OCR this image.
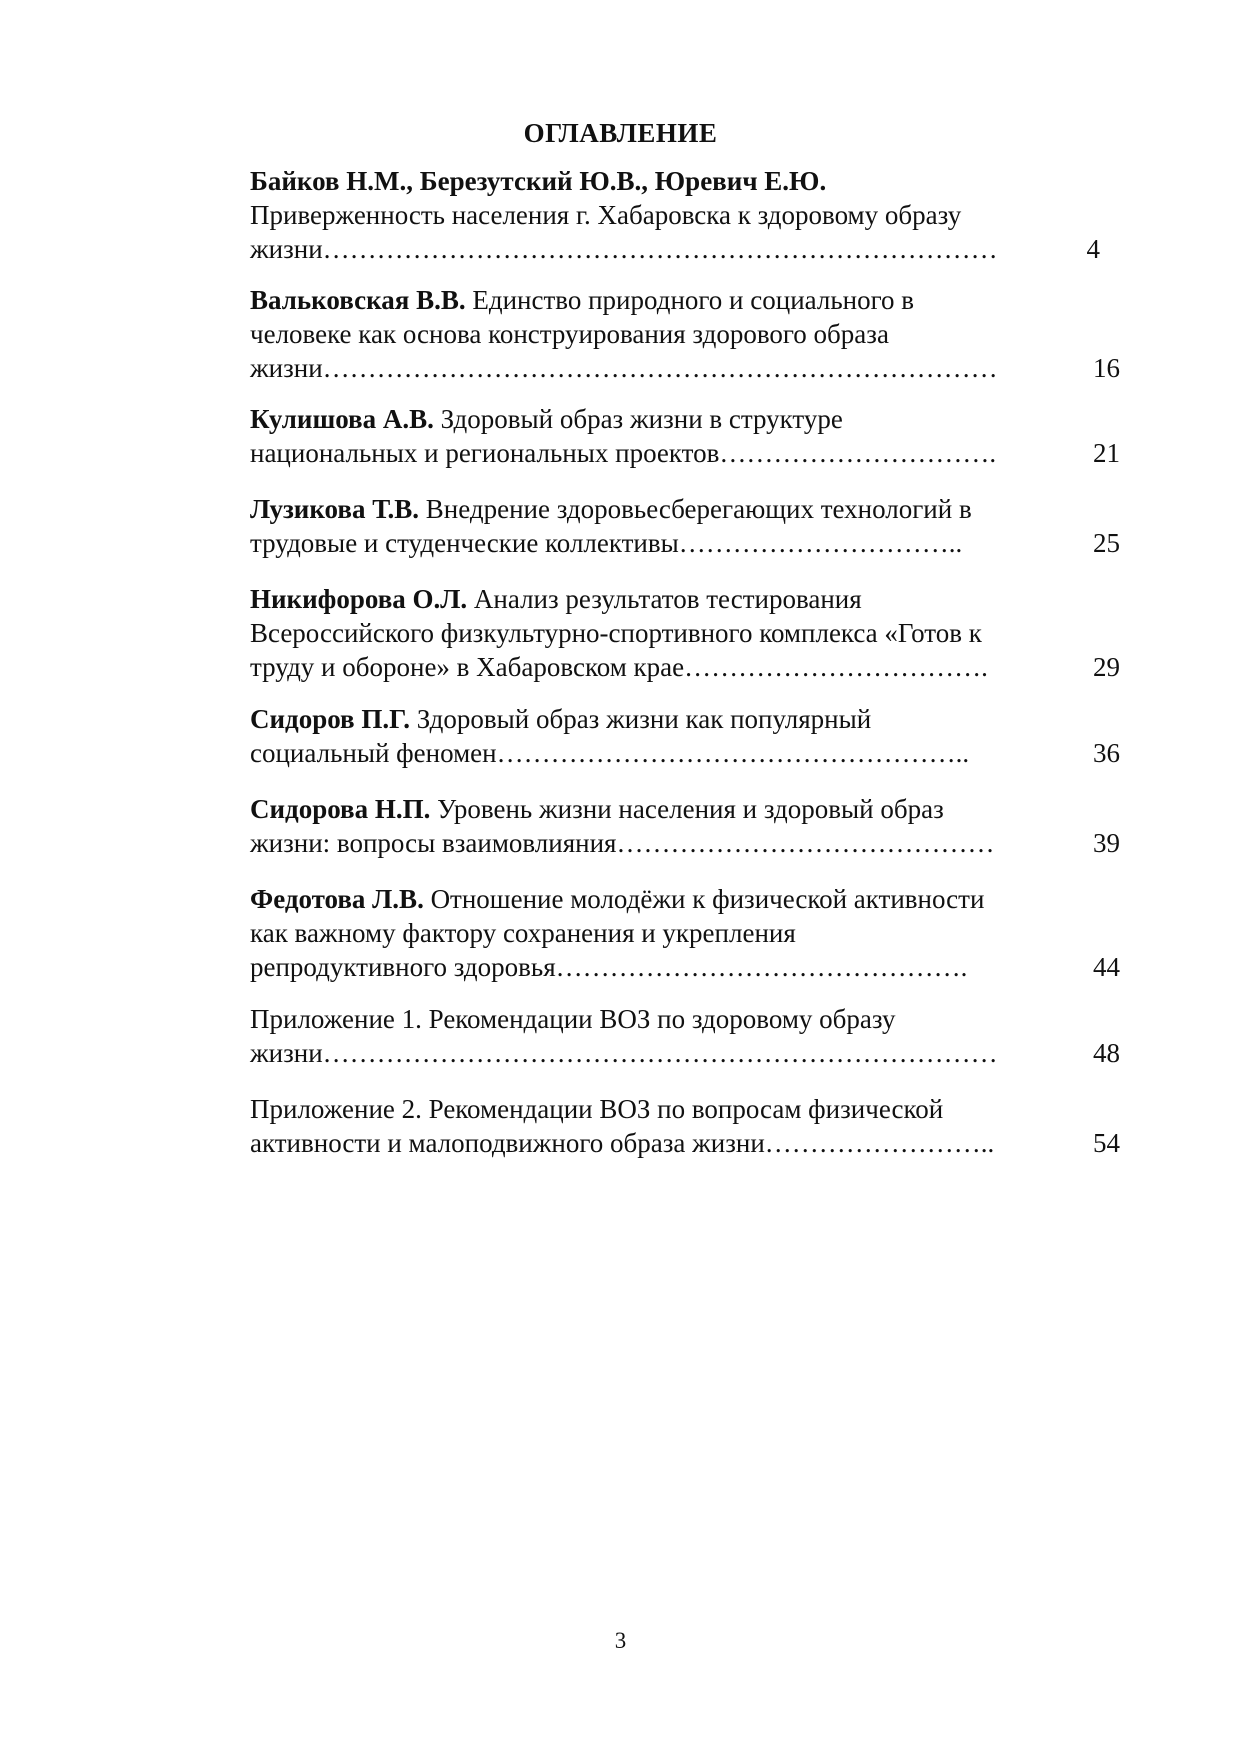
ОГЛАВЛЕНИЕ
Байков Н.М., Березутский Ю.В., Юревич Е.Ю.
Приверженность населения г. Хабаровска к здоровому образу
жизни…………………………………………………………………	4
Вальковская В.В. Единство природного и социального в
человеке как основа конструирования здорового образа
жизни…………………………………………………………………	16
Кулишова А.В. Здоровый образ жизни в структуре
национальных и региональных проектов………………………….	21
Лузикова Т.В. Внедрение здоровьесберегающих технологий в
трудовые и студенческие коллективы…………………………..	25
Никифорова О.Л. Анализ результатов тестирования
Всероссийского физкультурно-спортивного комплекса «Готов к
труду и обороне» в Хабаровском крае…………………………….	29
Сидоров П.Г. Здоровый образ жизни как популярный
социальный феномен……………………………………………..	36
Сидорова Н.П. Уровень жизни населения и здоровый образ
жизни: вопросы взаимовлияния……………………………………	39
Федотова Л.В. Отношение молодёжи к физической активности
как важному фактору сохранения и укрепления
репродуктивного здоровья……………………………………….	44
Приложение 1. Рекомендации ВОЗ по здоровому образу
жизни…………………………………………………………………	48
Приложение 2. Рекомендации ВОЗ по вопросам физической
активности и малоподвижного образа жизни……………………..	54
3
